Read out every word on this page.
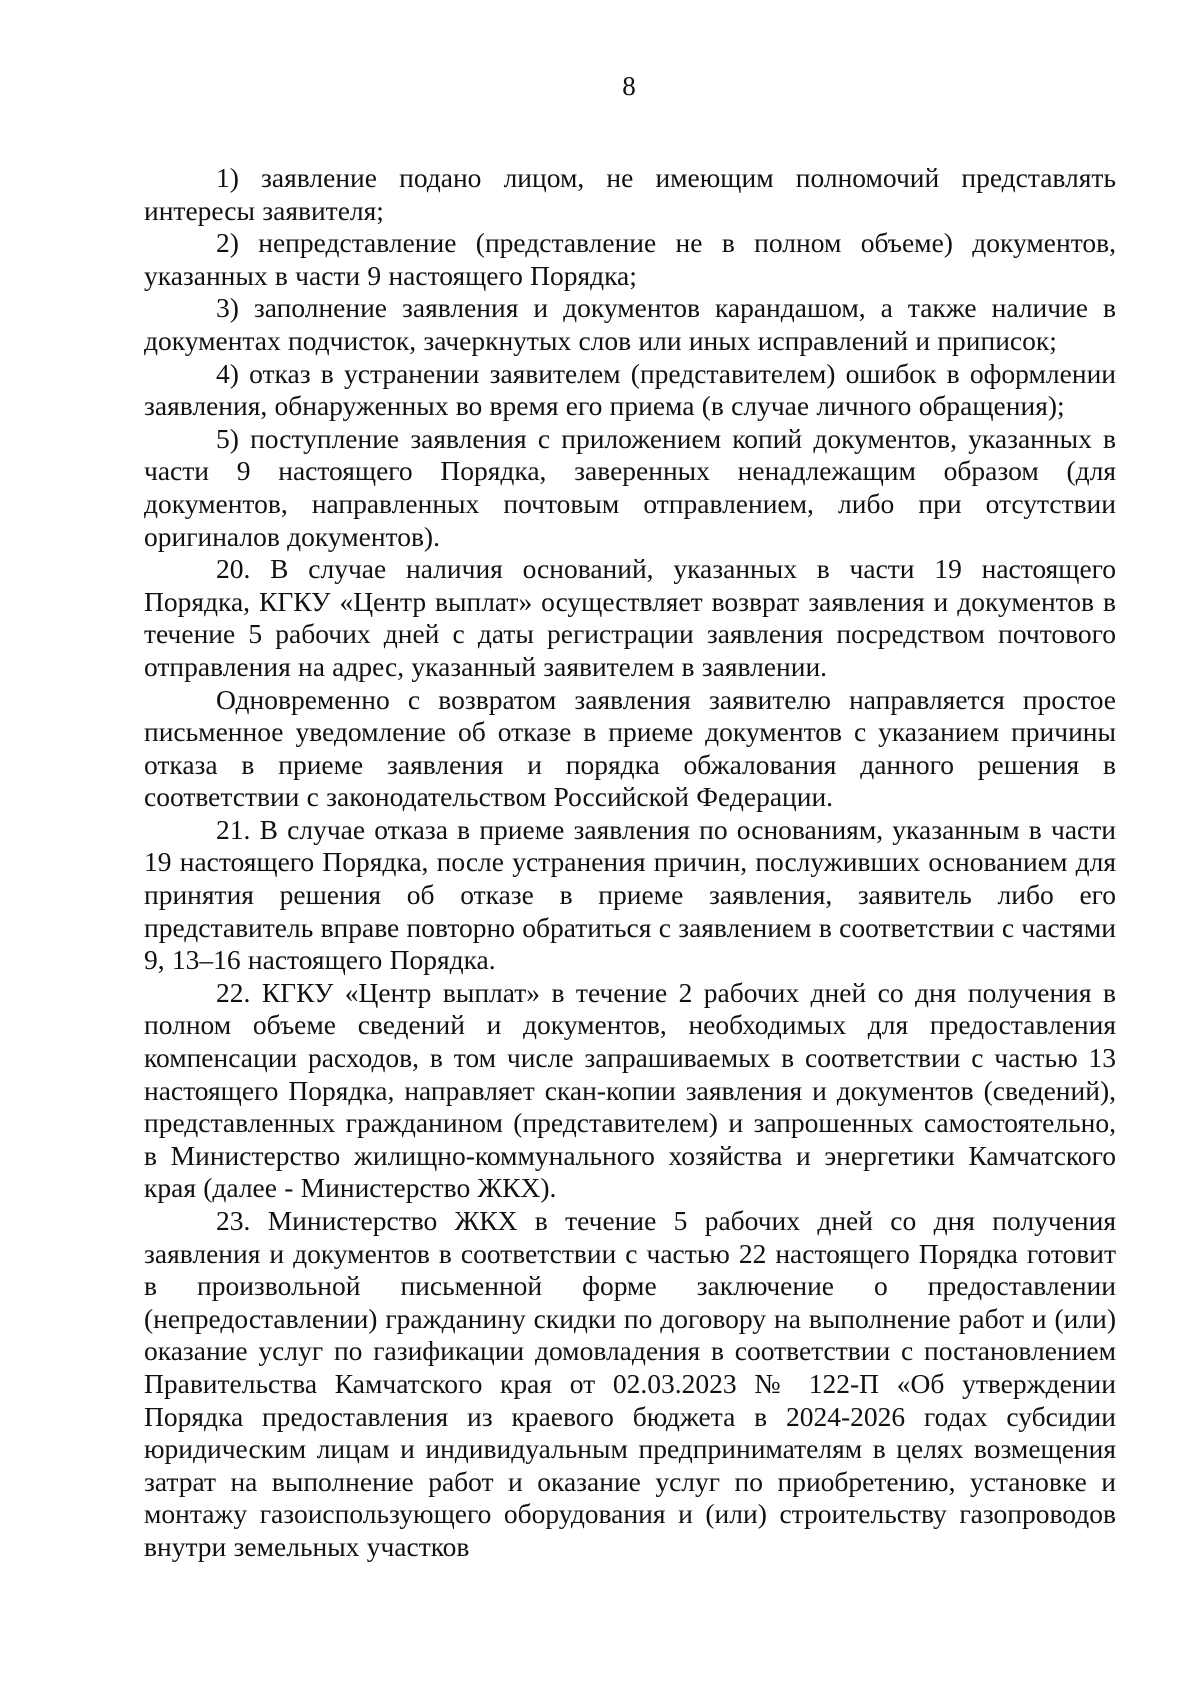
8

1) заявление подано лицом, не имеющим полномочий представлять интересы заявителя;

2) непредставление (представление не в полном объеме) документов, указанных в части 9 настоящего Порядка;

3) заполнение заявления и документов карандашом, а также наличие в документах подчисток, зачеркнутых слов или иных исправлений и приписок;

4) отказ в устранении заявителем (представителем) ошибок в оформлении заявления, обнаруженных во время его приема (в случае личного обращения);

5) поступление заявления с приложением копий документов, указанных в части 9 настоящего Порядка, заверенных ненадлежащим образом (для документов, направленных почтовым отправлением, либо при отсутствии оригиналов документов).

20. В случае наличия оснований, указанных в части 19 настоящего Порядка, КГКУ «Центр выплат» осуществляет возврат заявления и документов в течение 5 рабочих дней с даты регистрации заявления посредством почтового отправления на адрес, указанный заявителем в заявлении.

Одновременно с возвратом заявления заявителю направляется простое письменное уведомление об отказе в приеме документов с указанием причины отказа в приеме заявления и порядка обжалования данного решения в соответствии с законодательством Российской Федерации.

21. В случае отказа в приеме заявления по основаниям, указанным в части 19 настоящего Порядка, после устранения причин, послуживших основанием для принятия решения об отказе в приеме заявления, заявитель либо его представитель вправе повторно обратиться с заявлением в соответствии с частями 9, 13–16 настоящего Порядка.

22. КГКУ «Центр выплат» в течение 2 рабочих дней со дня получения в полном объеме сведений и документов, необходимых для предоставления компенсации расходов, в том числе запрашиваемых в соответствии с частью 13 настоящего Порядка, направляет скан-копии заявления и документов (сведений), представленных гражданином (представителем) и запрошенных самостоятельно, в Министерство жилищно-коммунального хозяйства и энергетики Камчатского края (далее - Министерство ЖКХ).

23. Министерство ЖКХ в течение 5 рабочих дней со дня получения заявления и документов в соответствии с частью 22 настоящего Порядка готовит в произвольной письменной форме заключение о предоставлении (непредоставлении) гражданину скидки по договору на выполнение работ и (или) оказание услуг по газификации домовладения в соответствии с постановлением Правительства Камчатского края от 02.03.2023 № 122-П «Об утверждении Порядка предоставления из краевого бюджета в 2024-2026 годах субсидии юридическим лицам и индивидуальным предпринимателям в целях возмещения затрат на выполнение работ и оказание услуг по приобретению, установке и монтажу газоиспользующего оборудования и (или) строительству газопроводов внутри земельных участков
